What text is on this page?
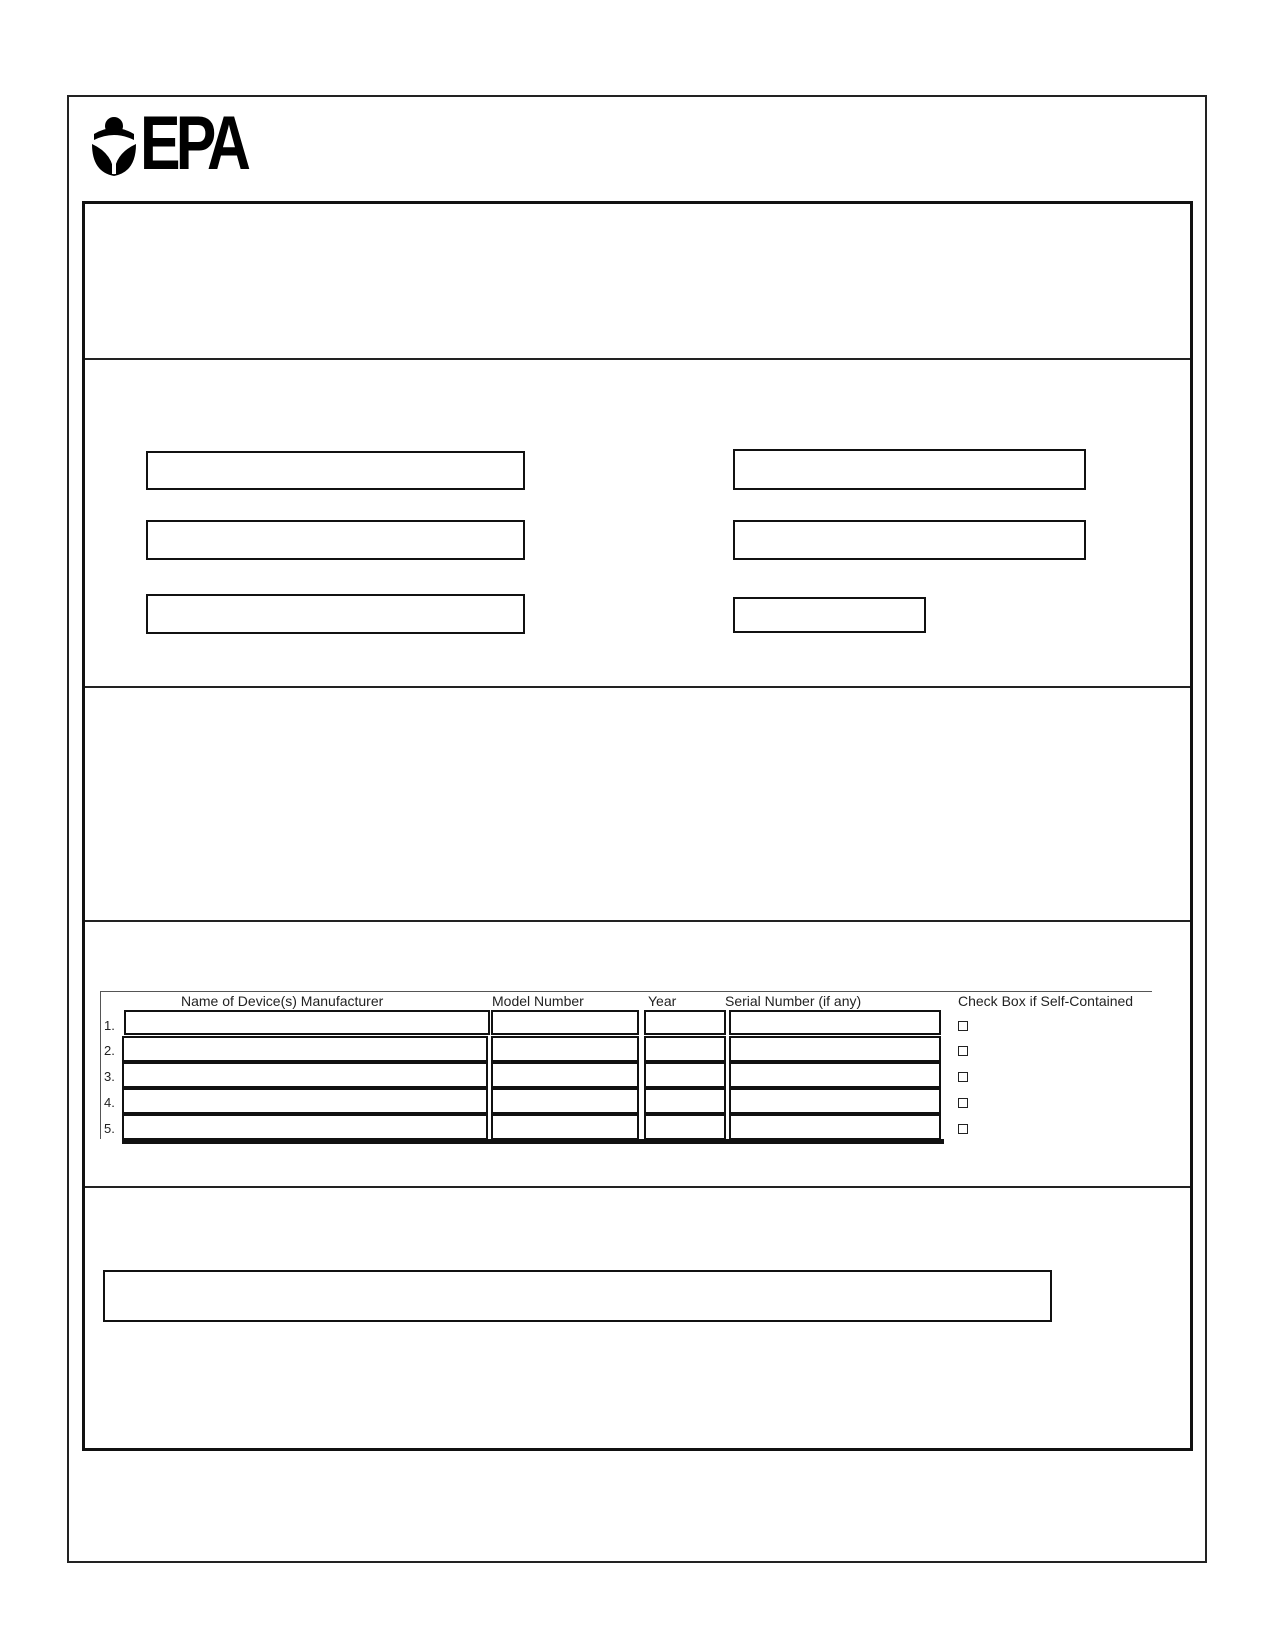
EPA
Name of Device(s) Manufacturer	Model Number	Year	Serial Number (if any)	Check Box if Self-Contained
1.
2.
3.
4.
5.
